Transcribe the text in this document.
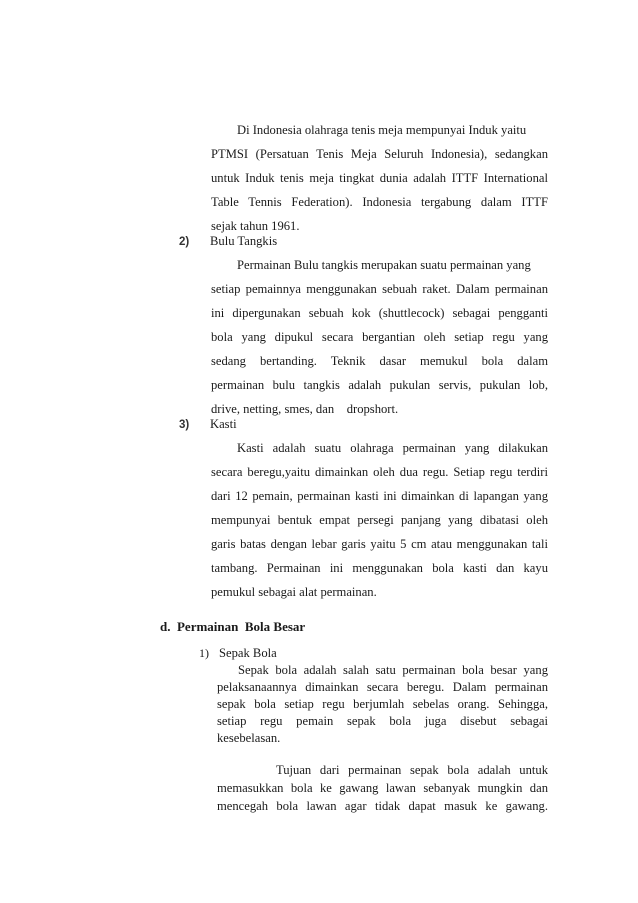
Di Indonesia olahraga tenis meja mempunyai Induk yaitu
PTMSI (Persatuan Tenis Meja Seluruh Indonesia), sedangkan
untuk Induk tenis meja tingkat dunia adalah ITTF International
Table Tennis Federation). Indonesia tergabung dalam ITTF
sejak tahun 1961.
2) Bulu Tangkis
Permainan Bulu tangkis merupakan suatu permainan yang
setiap pemainnya menggunakan sebuah raket. Dalam permainan
ini dipergunakan sebuah kok (shuttlecock) sebagai pengganti
bola yang dipukul secara bergantian oleh setiap regu yang
sedang bertanding. Teknik dasar memukul bola dalam
permainan bulu tangkis adalah pukulan servis, pukulan lob,
drive, netting, smes, dan    dropshort.
3) Kasti
Kasti adalah suatu olahraga permainan yang dilakukan
secara beregu,yaitu dimainkan oleh dua regu. Setiap regu terdiri
dari 12 pemain, permainan kasti ini dimainkan di lapangan yang
mempunyai bentuk empat persegi panjang yang dibatasi oleh
garis batas dengan lebar garis yaitu 5 cm atau menggunakan tali
tambang. Permainan ini menggunakan bola kasti dan kayu
pemukul sebagai alat permainan.
d.  Permainan  Bola Besar
1) Sepak Bola
Sepak bola adalah salah satu permainan bola besar yang
pelaksanaannya dimainkan secara beregu. Dalam permainan
sepak bola setiap regu berjumlah sebelas orang. Sehingga,
setiap regu pemain sepak bola juga disebut sebagai
kesebelasan.
Tujuan dari permainan sepak bola adalah untuk
memasukkan bola ke gawang lawan sebanyak mungkin dan
mencegah bola lawan agar tidak dapat masuk ke gawang.
